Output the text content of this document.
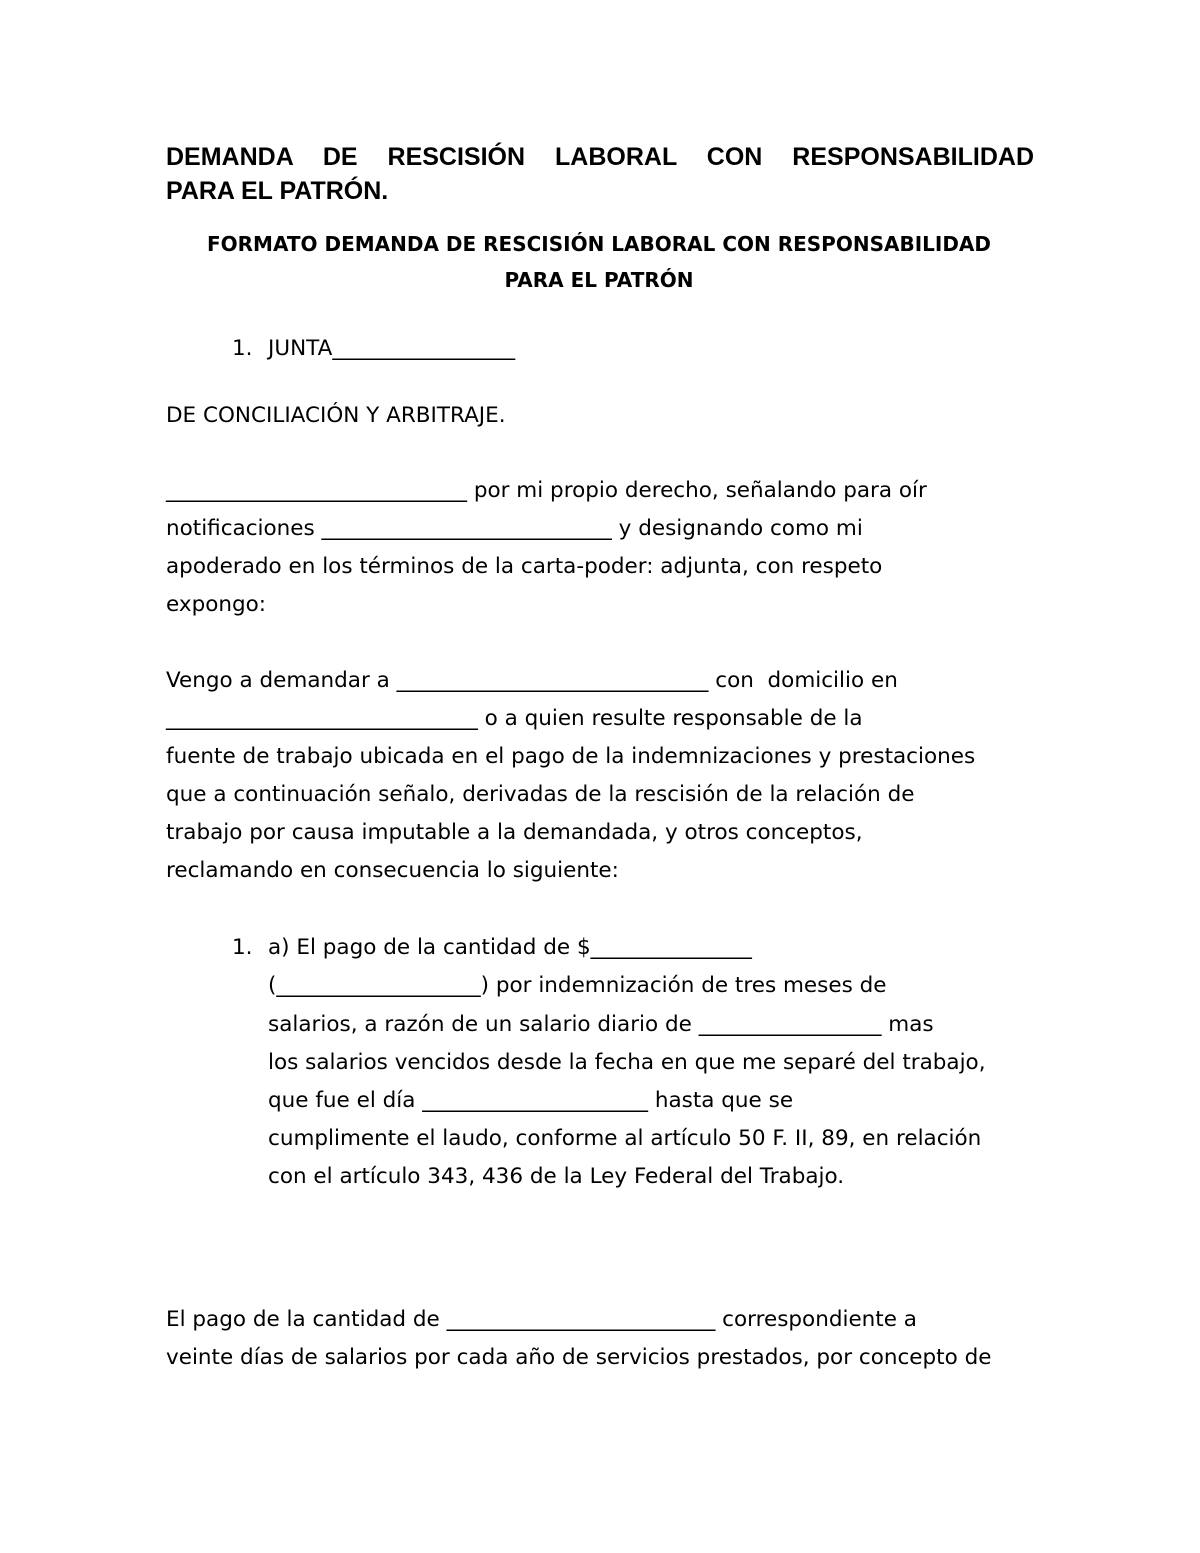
DEMANDA DE RESCISIÓN LABORAL CON RESPONSABILIDAD
PARA EL PATRÓN.
FORMATO DEMANDA DE RESCISIÓN LABORAL CON RESPONSABILIDAD
PARA EL PATRÓN
1. JUNTA_________________
DE CONCILIACIÓN Y ARBITRAJE.
____________________________ por mi propio derecho, señalando para oír
notificaciones ___________________________ y designando como mi
apoderado en los términos de la carta-poder: adjunta, con respeto
expongo:
Vengo a demandar a _____________________________ con  domicilio en
_____________________________ o a quien resulte responsable de la
fuente de trabajo ubicada en el pago de la indemnizaciones y prestaciones
que a continuación señalo, derivadas de la rescisión de la relación de
trabajo por causa imputable a la demandada, y otros conceptos,
reclamando en consecuencia lo siguiente:
1. a) El pago de la cantidad de $_______________
(___________________) por indemnización de tres meses de
salarios, a razón de un salario diario de _________________ mas
los salarios vencidos desde la fecha en que me separé del trabajo,
que fue el día _____________________ hasta que se
cumplimente el laudo, conforme al artículo 50 F. II, 89, en relación
con el artículo 343, 436 de la Ley Federal del Trabajo.
El pago de la cantidad de _________________________ correspondiente a
veinte días de salarios por cada año de servicios prestados, por concepto de
